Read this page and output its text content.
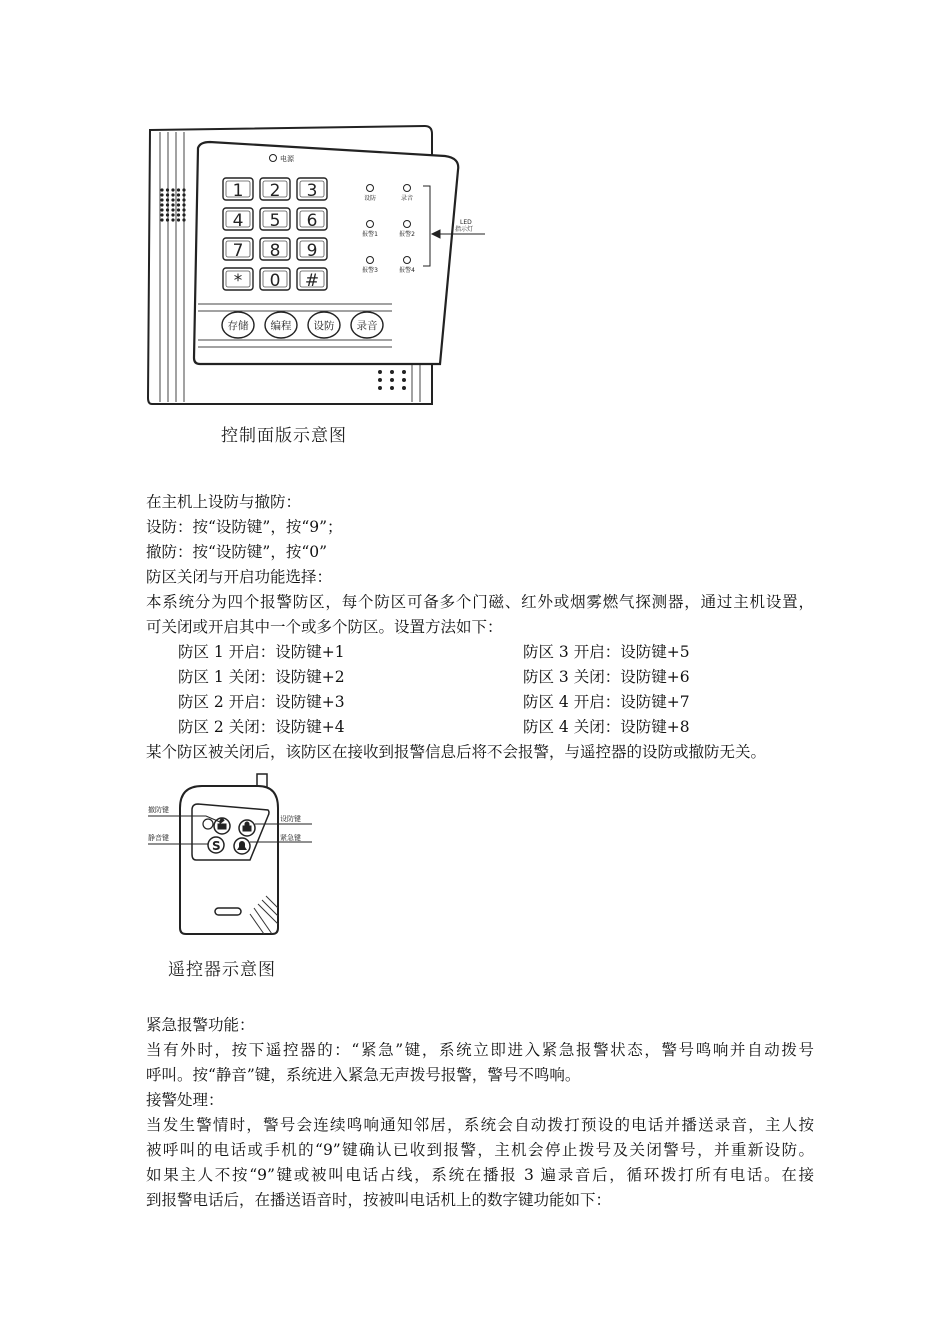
电源
1 2 3
4 5 6
7 8 9
* 0 #
存储 编程 设防 录音
设防	录音
报警1	报警2
报警3	报警4
LED
指示灯
控制面版示意图
在主机上设防与撤防：
设防：按“设防键”，按“9”；
撤防：按“设防键”，按“0”
防区关闭与开启功能选择：
本系统分为四个报警防区，每个防区可备多个门磁、红外或烟雾燃气探测器，通过主机设置，
可关闭或开启其中一个或多个防区。设置方法如下：
防区 1 开启：设防键+1	防区 3 开启：设防键+5
防区 1 关闭：设防键+2	防区 3 关闭：设防键+6
防区 2 开启：设防键+3	防区 4 开启：设防键+7
防区 2 关闭：设防键+4	防区 4 关闭：设防键+8
某个防区被关闭后，该防区在接收到报警信息后将不会报警，与遥控器的设防或撤防无关。
S
撤防键
静音键
设防键
紧急键
遥控器示意图
紧急报警功能：
当有外时，按下遥控器的：“紧急”键，系统立即进入紧急报警状态，警号鸣响并自动拨号
呼叫。按“静音”键，系统进入紧急无声拨号报警，警号不鸣响。
接警处理：
当发生警情时，警号会连续鸣响通知邻居，系统会自动拨打预设的电话并播送录音，主人按
被呼叫的电话或手机的“9”键确认已收到报警，主机会停止拨号及关闭警号，并重新设防。
如果主人不按“9”键或被叫电话占线，系统在播报 3 遍录音后，循环拨打所有电话。在接
到报警电话后，在播送语音时，按被叫电话机上的数字键功能如下：
